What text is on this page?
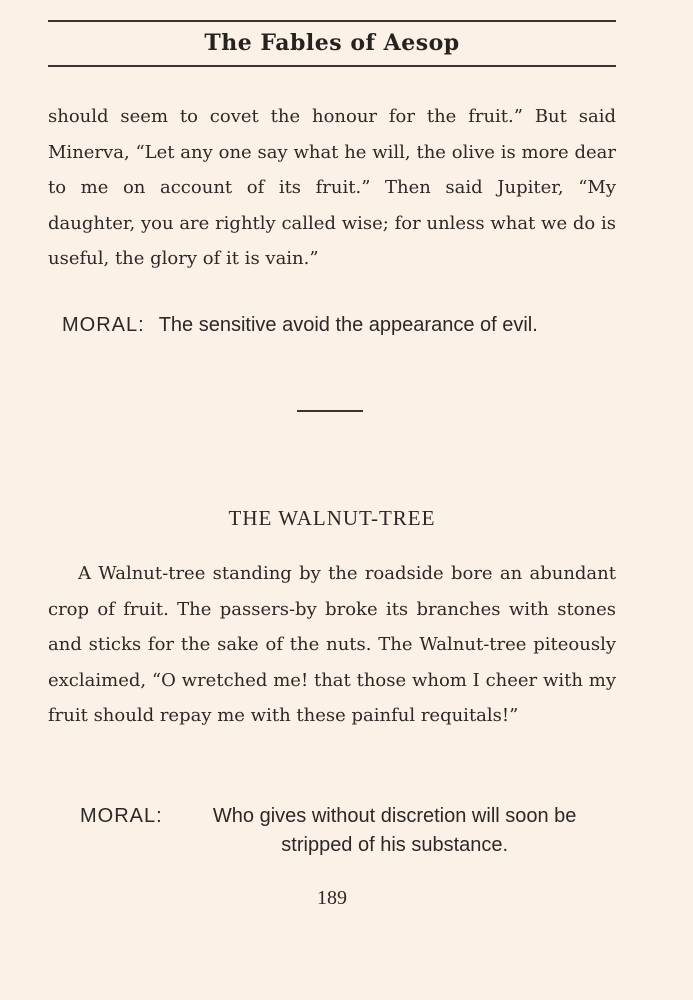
The Fables of Aesop

should seem to covet the honour for the fruit.” But said Minerva, “Let any one say what he will, the olive is more dear to me on account of its fruit.” Then said Jupiter, “My daughter, you are rightly called wise; for unless what we do is useful, the glory of it is vain.”

MORAL: The sensitive avoid the appearance of evil.
THE WALNUT-TREE

A Walnut-tree standing by the roadside bore an abundant crop of fruit. The passers-by broke its branches with stones and sticks for the sake of the nuts. The Walnut-tree piteously exclaimed, “O wretched me! that those whom I cheer with my fruit should repay me with these painful requitals!”

MORAL:	Who gives without discretion will soon be stripped of his substance.
189
